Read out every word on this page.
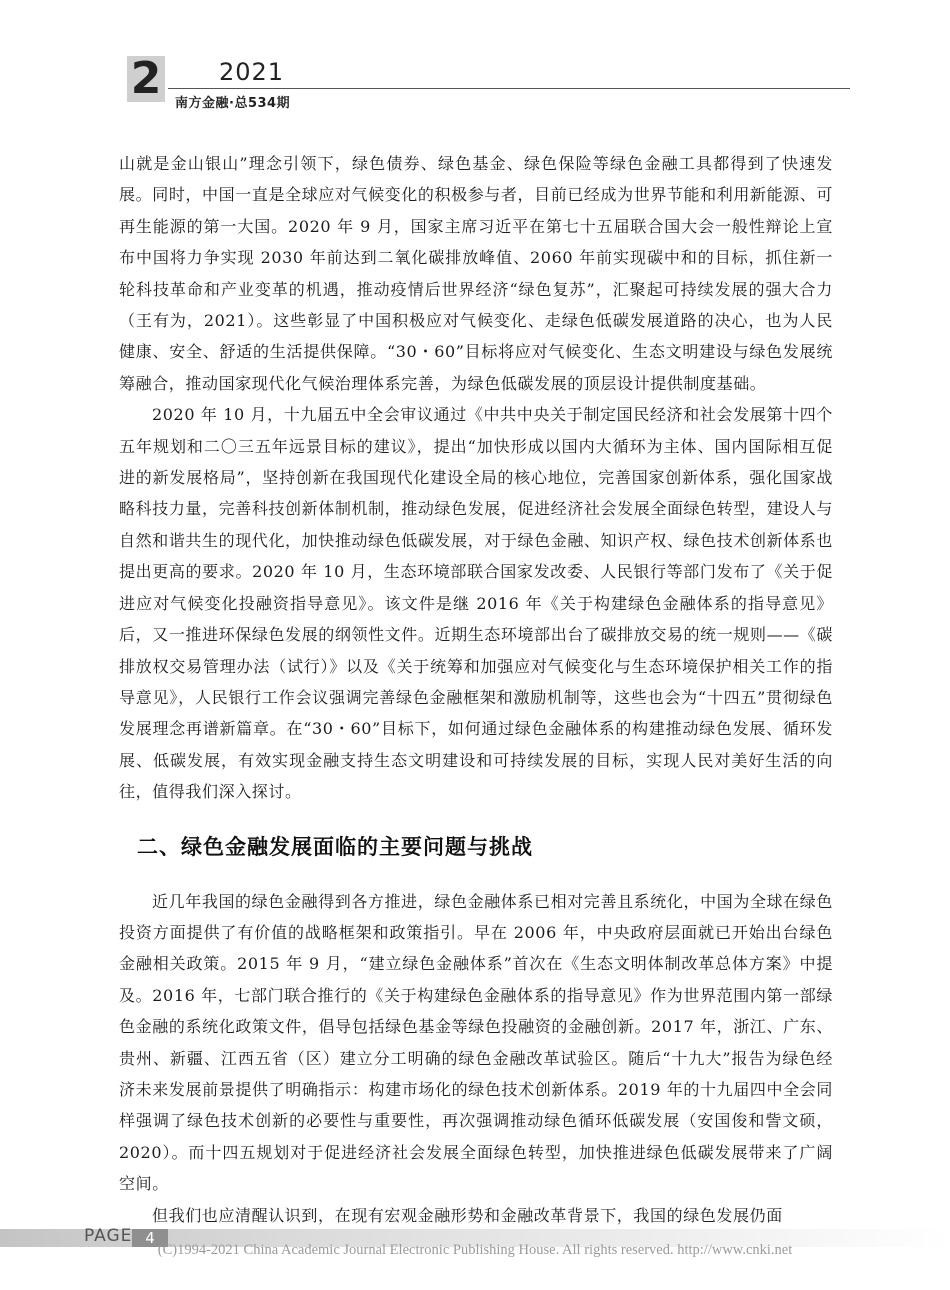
2 2021
南方金融·总534期

山就是金山银山”理念引领下，绿色债券、绿色基金、绿色保险等绿色金融工具都得到了快速发展。同时，中国一直是全球应对气候变化的积极参与者，目前已经成为世界节能和利用新能源、可再生能源的第一大国。2020 年 9 月，国家主席习近平在第七十五届联合国大会一般性辩论上宣布中国将力争实现 2030 年前达到二氧化碳排放峰值、2060 年前实现碳中和的目标，抓住新一轮科技革命和产业变革的机遇，推动疫情后世界经济“绿色复苏”，汇聚起可持续发展的强大合力（王有为，2021）。这些彰显了中国积极应对气候变化、走绿色低碳发展道路的决心，也为人民健康、安全、舒适的生活提供保障。“30・60”目标将应对气候变化、生态文明建设与绿色发展统筹融合，推动国家现代化气候治理体系完善，为绿色低碳发展的顶层设计提供制度基础。

2020 年 10 月，十九届五中全会审议通过《中共中央关于制定国民经济和社会发展第十四个五年规划和二〇三五年远景目标的建议》，提出“加快形成以国内大循环为主体、国内国际相互促进的新发展格局”，坚持创新在我国现代化建设全局的核心地位，完善国家创新体系，强化国家战略科技力量，完善科技创新体制机制，推动绿色发展，促进经济社会发展全面绿色转型，建设人与自然和谐共生的现代化，加快推动绿色低碳发展，对于绿色金融、知识产权、绿色技术创新体系也提出更高的要求。2020 年 10 月，生态环境部联合国家发改委、人民银行等部门发布了《关于促进应对气候变化投融资指导意见》。该文件是继 2016 年《关于构建绿色金融体系的指导意见》后，又一推进环保绿色发展的纲领性文件。近期生态环境部出台了碳排放交易的统一规则——《碳排放权交易管理办法（试行）》以及《关于统筹和加强应对气候变化与生态环境保护相关工作的指导意见》，人民银行工作会议强调完善绿色金融框架和激励机制等，这些也会为“十四五”贯彻绿色发展理念再谱新篇章。在“30・60”目标下，如何通过绿色金融体系的构建推动绿色发展、循环发展、低碳发展，有效实现金融支持生态文明建设和可持续发展的目标，实现人民对美好生活的向往，值得我们深入探讨。

二、绿色金融发展面临的主要问题与挑战

近几年我国的绿色金融得到各方推进，绿色金融体系已相对完善且系统化，中国为全球在绿色投资方面提供了有价值的战略框架和政策指引。早在 2006 年，中央政府层面就已开始出台绿色金融相关政策。2015 年 9 月，“建立绿色金融体系”首次在《生态文明体制改革总体方案》中提及。2016 年，七部门联合推行的《关于构建绿色金融体系的指导意见》作为世界范围内第一部绿色金融的系统化政策文件，倡导包括绿色基金等绿色投融资的金融创新。2017 年，浙江、广东、贵州、新疆、江西五省（区）建立分工明确的绿色金融改革试验区。随后“十九大”报告为绿色经济未来发展前景提供了明确指示：构建市场化的绿色技术创新体系。2019 年的十九届四中全会同样强调了绿色技术创新的必要性与重要性，再次强调推动绿色循环低碳发展（安国俊和訾文硕，2020）。而十四五规划对于促进经济社会发展全面绿色转型，加快推进绿色低碳发展带来了广阔空间。

但我们也应清醒认识到，在现有宏观金融形势和金融改革背景下，我国的绿色发展仍面

PAGE 4
(C)1994-2021 China Academic Journal Electronic Publishing House. All rights reserved. http://www.cnki.net
